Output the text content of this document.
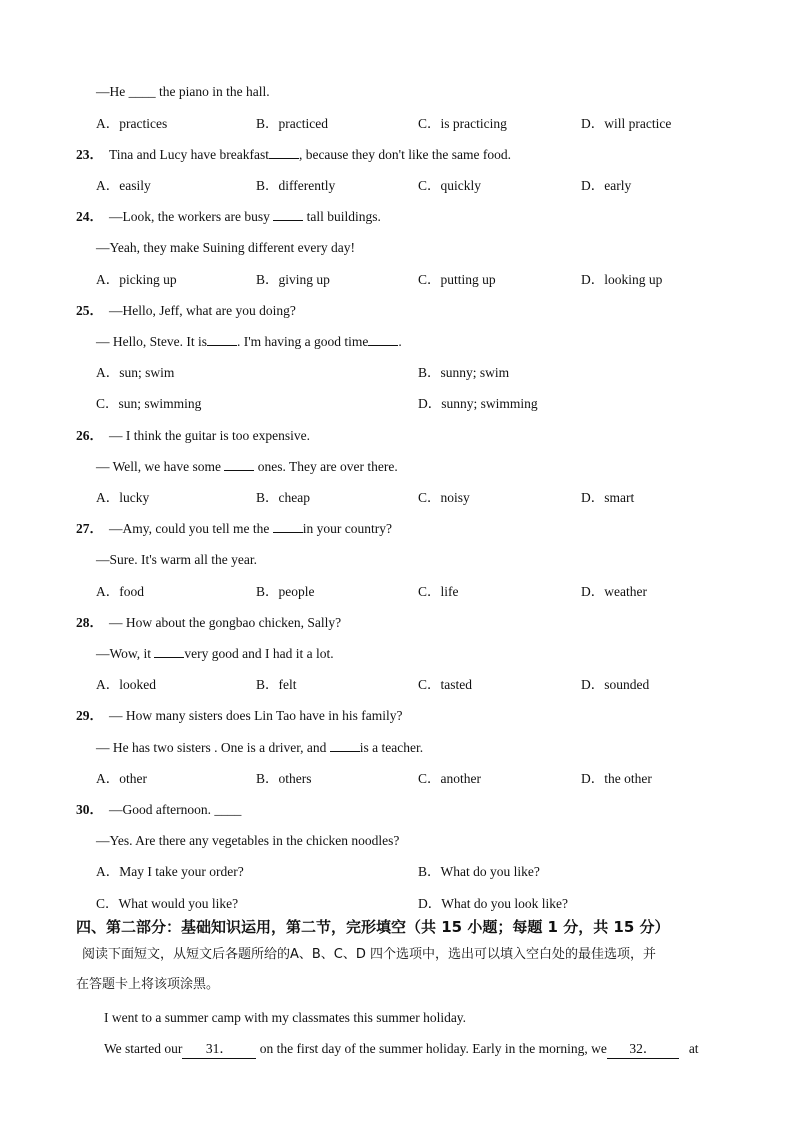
—He ____ the piano in the hall.
A．practices	B．practiced	C．is practicing	D．will practice
23． Tina and Lucy have breakfast , because they don't like the same food.
A．easily	B．differently	C．quickly	D．early
24． —Look, the workers are busy  tall buildings.
—Yeah, they make Suining different every day!
A．picking up	B．giving up	C．putting up	D．looking up
25． —Hello, Jeff, what are you doing?
— Hello, Steve. It is . I'm having a good time .
A．sun; swim	B．sunny; swim
C．sun; swimming	D．sunny; swimming
26． — I think the guitar is too expensive.
— Well, we have some  ones. They are over there.
A．lucky	B．cheap	C．noisy	D．smart
27． —Amy, could you tell me the in your country?
—Sure. It's warm all the year.
A．food	B．people	C．life	D．weather
28． — How about the gongbao chicken, Sally?
—Wow, it very good and I had it a lot.
A．looked	B．felt	C．tasted	D．sounded
29． — How many sisters does Lin Tao have in his family?
— He has two sisters . One is a driver, and is a teacher.
A．other	B．others	C．another	D．the other
30． —Good afternoon. ____
—Yes. Are there any vegetables in the chicken noodles?
A．May I take your order?	B．What do you like?
C．What would you like?	D．What do you look like?
四、第二部分：基础知识运用，第二节，完形填空（共 15 小题；每题 1 分，共 15 分）
阅读下面短文，从短文后各题所给的A、B、C、D 四个选项中，选出可以填入空白处的最佳选项，并
在答题卡上将该项涂黑。
I went to a summer camp with my classmates this summer holiday.
We started our 31． on the first day of the summer holiday. Early in the morning, we 32． at
